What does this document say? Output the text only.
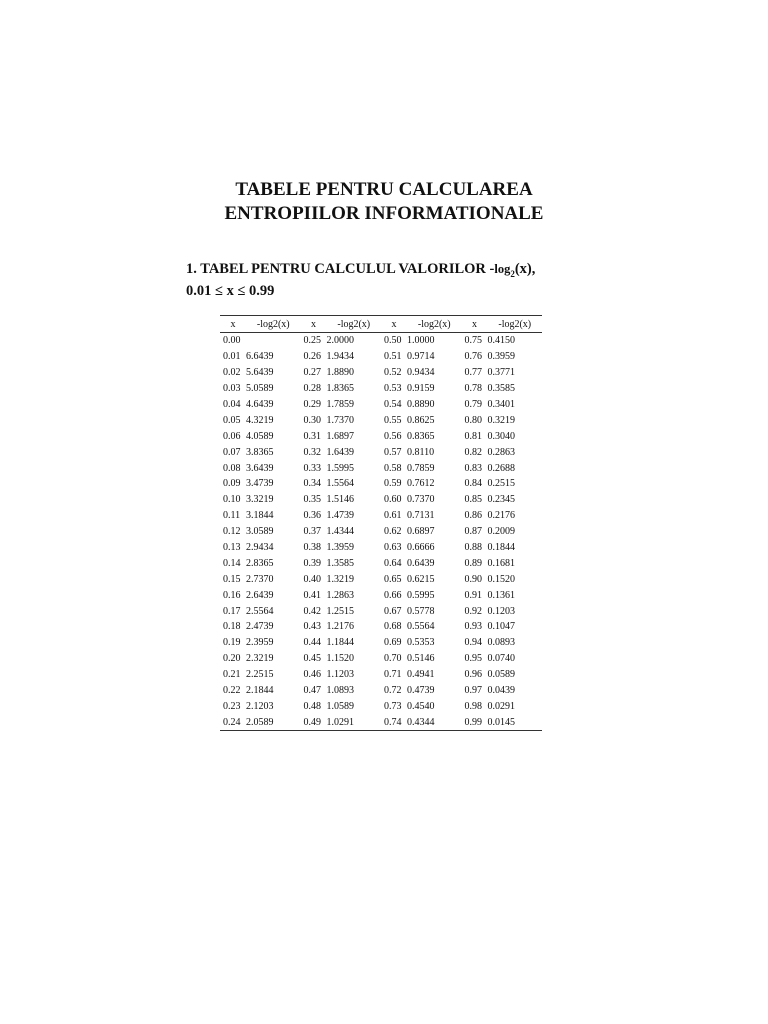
TABELE PENTRU CALCULAREA
ENTROPIILOR INFORMATIONALE
1. TABEL PENTRU CALCULUL VALORILOR $-\log_2(x)$,
0.01 ≤ x ≤ 0.99
x	-log2(x)	x	-log2(x)	x	-log2(x)	x	-log2(x)
0.00		0.25	2.0000	0.50	1.0000	0.75	0.4150
0.01	6.6439	0.26	1.9434	0.51	0.9714	0.76	0.3959
0.02	5.6439	0.27	1.8890	0.52	0.9434	0.77	0.3771
0.03	5.0589	0.28	1.8365	0.53	0.9159	0.78	0.3585
0.04	4.6439	0.29	1.7859	0.54	0.8890	0.79	0.3401
0.05	4.3219	0.30	1.7370	0.55	0.8625	0.80	0.3219
0.06	4.0589	0.31	1.6897	0.56	0.8365	0.81	0.3040
0.07	3.8365	0.32	1.6439	0.57	0.8110	0.82	0.2863
0.08	3.6439	0.33	1.5995	0.58	0.7859	0.83	0.2688
0.09	3.4739	0.34	1.5564	0.59	0.7612	0.84	0.2515
0.10	3.3219	0.35	1.5146	0.60	0.7370	0.85	0.2345
0.11	3.1844	0.36	1.4739	0.61	0.7131	0.86	0.2176
0.12	3.0589	0.37	1.4344	0.62	0.6897	0.87	0.2009
0.13	2.9434	0.38	1.3959	0.63	0.6666	0.88	0.1844
0.14	2.8365	0.39	1.3585	0.64	0.6439	0.89	0.1681
0.15	2.7370	0.40	1.3219	0.65	0.6215	0.90	0.1520
0.16	2.6439	0.41	1.2863	0.66	0.5995	0.91	0.1361
0.17	2.5564	0.42	1.2515	0.67	0.5778	0.92	0.1203
0.18	2.4739	0.43	1.2176	0.68	0.5564	0.93	0.1047
0.19	2.3959	0.44	1.1844	0.69	0.5353	0.94	0.0893
0.20	2.3219	0.45	1.1520	0.70	0.5146	0.95	0.0740
0.21	2.2515	0.46	1.1203	0.71	0.4941	0.96	0.0589
0.22	2.1844	0.47	1.0893	0.72	0.4739	0.97	0.0439
0.23	2.1203	0.48	1.0589	0.73	0.4540	0.98	0.0291
0.24	2.0589	0.49	1.0291	0.74	0.4344	0.99	0.0145
